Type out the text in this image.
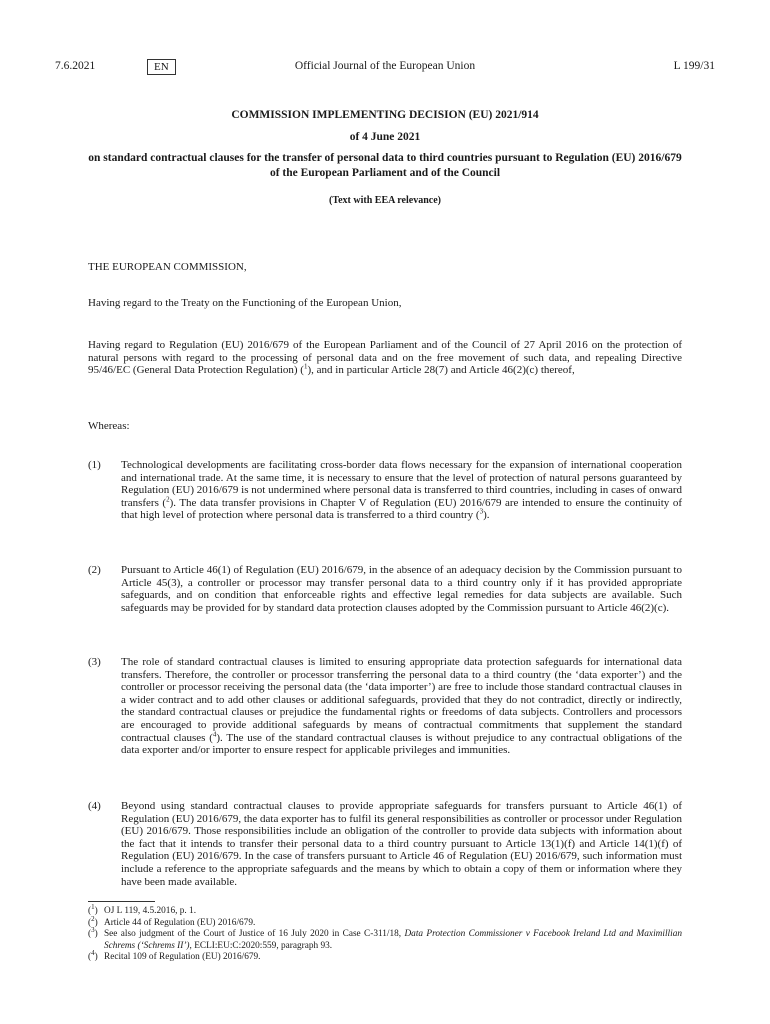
7.6.2021	EN	Official Journal of the European Union	L 199/31

COMMISSION IMPLEMENTING DECISION (EU) 2021/914

of 4 June 2021

on standard contractual clauses for the transfer of personal data to third countries pursuant to Regulation (EU) 2016/679 of the European Parliament and of the Council

(Text with EEA relevance)

THE EUROPEAN COMMISSION,
Having regard to the Treaty on the Functioning of the European Union,
Having regard to Regulation (EU) 2016/679 of the European Parliament and of the Council of 27 April 2016 on the protection of natural persons with regard to the processing of personal data and on the free movement of such data, and repealing Directive 95/46/EC (General Data Protection Regulation) ($^1$), and in particular Article 28(7) and Article 46(2)(c) thereof,
Whereas:
(1) Technological developments are facilitating cross-border data flows necessary for the expansion of international cooperation and international trade. At the same time, it is necessary to ensure that the level of protection of natural persons guaranteed by Regulation (EU) 2016/679 is not undermined where personal data is transferred to third countries, including in cases of onward transfers ($^2$). The data transfer provisions in Chapter V of Regulation (EU) 2016/679 are intended to ensure the continuity of that high level of protection where personal data is transferred to a third country ($^3$).
(2) Pursuant to Article 46(1) of Regulation (EU) 2016/679, in the absence of an adequacy decision by the Commission pursuant to Article 45(3), a controller or processor may transfer personal data to a third country only if it has provided appropriate safeguards, and on condition that enforceable rights and effective legal remedies for data subjects are available. Such safeguards may be provided for by standard data protection clauses adopted by the Commission pursuant to Article 46(2)(c).
(3) The role of standard contractual clauses is limited to ensuring appropriate data protection safeguards for international data transfers. Therefore, the controller or processor transferring the personal data to a third country (the ‘data exporter’) and the controller or processor receiving the personal data (the ‘data importer’) are free to include those standard contractual clauses in a wider contract and to add other clauses or additional safeguards, provided that they do not contradict, directly or indirectly, the standard contractual clauses or prejudice the fundamental rights or freedoms of data subjects. Controllers and processors are encouraged to provide additional safeguards by means of contractual commitments that supplement the standard contractual clauses ($^4$). The use of the standard contractual clauses is without prejudice to any contractual obligations of the data exporter and/or importer to ensure respect for applicable privileges and immunities.
(4) Beyond using standard contractual clauses to provide appropriate safeguards for transfers pursuant to Article 46(1) of Regulation (EU) 2016/679, the data exporter has to fulfil its general responsibilities as controller or processor under Regulation (EU) 2016/679. Those responsibilities include an obligation of the controller to provide data subjects with information about the fact that it intends to transfer their personal data to a third country pursuant to Article 13(1)(f) and Article 14(1)(f) of Regulation (EU) 2016/679. In the case of transfers pursuant to Article 46 of Regulation (EU) 2016/679, such information must include a reference to the appropriate safeguards and the means by which to obtain a copy of them or information where they have been made available.
($^1$) OJ L 119, 4.5.2016, p. 1.
($^2$) Article 44 of Regulation (EU) 2016/679.
($^3$) See also judgment of the Court of Justice of 16 July 2020 in Case C-311/18, Data Protection Commissioner v Facebook Ireland Ltd and Maximillian Schrems (‘Schrems II’), ECLI:EU:C:2020:559, paragraph 93.
($^4$) Recital 109 of Regulation (EU) 2016/679.
